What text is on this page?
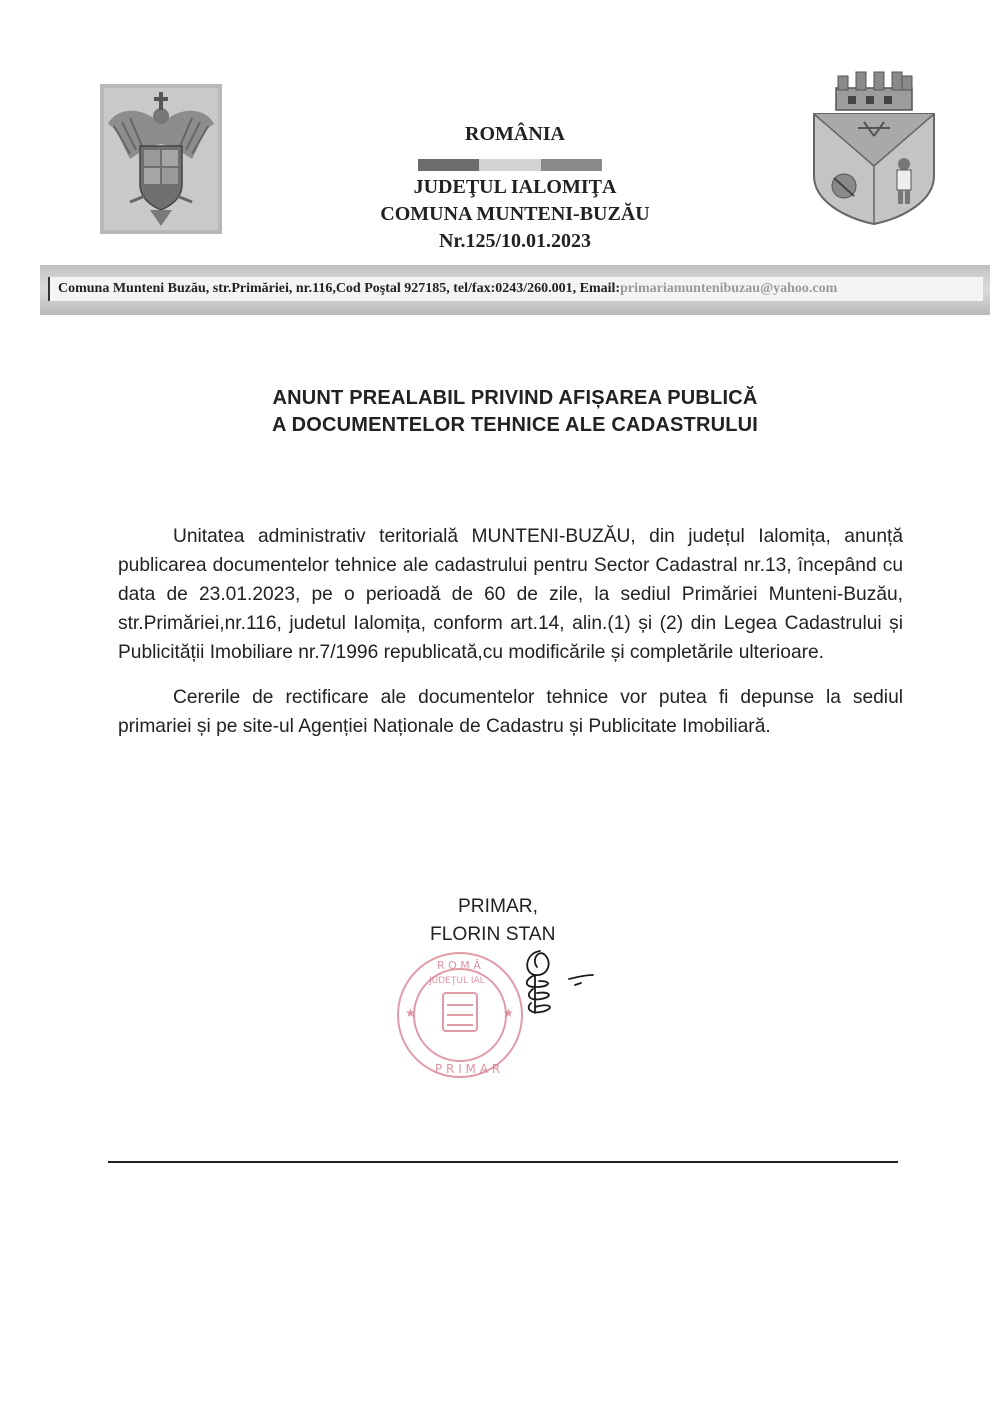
ROMÂNIA
JUDEŢUL IALOMIŢA
COMUNA MUNTENI-BUZĂU
Nr.125/10.01.2023
Comuna Munteni Buzău, str.Primăriei, nr.116,Cod Poştal 927185, tel/fax:0243/260.001, Email:primariamuntenibuzau@yahoo.com
ANUNT PREALABIL PRIVIND AFIȘAREA PUBLICĂ
A DOCUMENTELOR TEHNICE ALE CADASTRULUI
Unitatea administrativ teritorială MUNTENI-BUZĂU, din județul Ialomița, anunță publicarea documentelor tehnice ale cadastrului pentru Sector Cadastral nr.13, începând cu data de 23.01.2023, pe o perioadă de 60 de zile, la sediul Primăriei Munteni-Buzău, str.Primăriei,nr.116, judetul Ialomița, conform art.14, alin.(1) și (2) din Legea Cadastrului și Publicității Imobiliare nr.7/1996 republicată,cu modificările și completările ulterioare.
Cererile de rectificare ale documentelor tehnice vor putea fi depunse la sediul primariei și pe site-ul Agenției Naționale de Cadastru și Publicitate Imobiliară.
PRIMAR,
FLORIN STAN
R O M Â
JUDEŢUL IAL
P R I M A R
★	★
